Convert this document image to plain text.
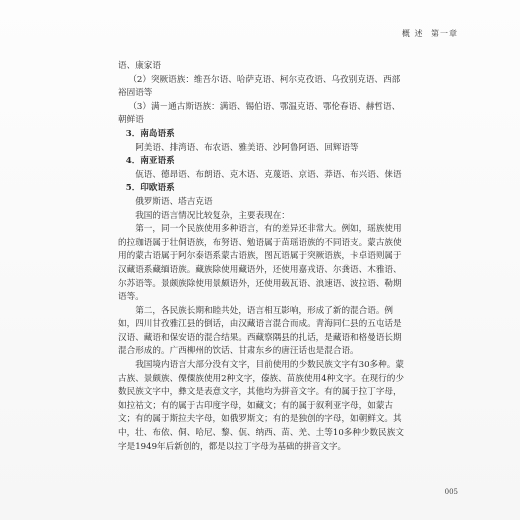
概 述 第一章

语、康家语

（2）突厥语族：维吾尔语、哈萨克语、柯尔克孜语、乌孜别克语、西部裕固语等

（3）满－通古斯语族：满语、锡伯语、鄂温克语、鄂伦春语、赫哲语、朝鲜语

3．南岛语系

阿美语、排湾语、布农语、雅美语、沙阿鲁阿语、回辉语等

4．南亚语系

佤语、德昂语、布朗语、克木语、克蔑语、京语、莽语、布兴语、俫语

5．印欧语系

俄罗斯语、塔吉克语

我国的语言情况比较复杂，主要表现在：

第一，同一个民族使用多种语言，有的差异还非常大。例如，瑶族使用的拉珈语属于壮侗语族，布努语、勉语属于苗瑶语族的不同语支。蒙古族使用的蒙古语属于阿尔泰语系蒙古语族，图瓦语属于突厥语族，卡卓语则属于汉藏语系藏缅语族。藏族除使用藏语外，还使用嘉戎语、尔龚语、木雅语、尔苏语等。景颇族除使用景颇语外，还使用载瓦语、浪速语、波拉语、勒期语等。

第二，各民族长期和睦共处，语言相互影响，形成了新的混合语。例如，四川甘孜雅江县的倒话，由汉藏语言混合而成。青海同仁县的五屯话是汉语、藏语和保安语的混合结果。西藏察隅县的扎话，是藏语和格曼语长期混合形成的。广西柳州的饮话、甘肃东乡的唐汪话也是混合语。

我国境内语言大部分没有文字，目前使用的少数民族文字有30多种。蒙古族、景颇族、傈僳族使用2种文字，傣族、苗族使用4种文字。在现行的少数民族文字中，彝文是表意文字，其他均为拼音文字。有的属于拉丁字母，如拉祜文；有的属于古印度字母，如藏文；有的属于叙利亚字母，如蒙古文；有的属于斯拉夫字母，如俄罗斯文；有的是独创的字母，如朝鲜文。其中，壮、布依、侗、哈尼、黎、佤、纳西、苗、羌、土等10多种少数民族文字是1949年后新创的，都是以拉丁字母为基础的拼音文字。

005
